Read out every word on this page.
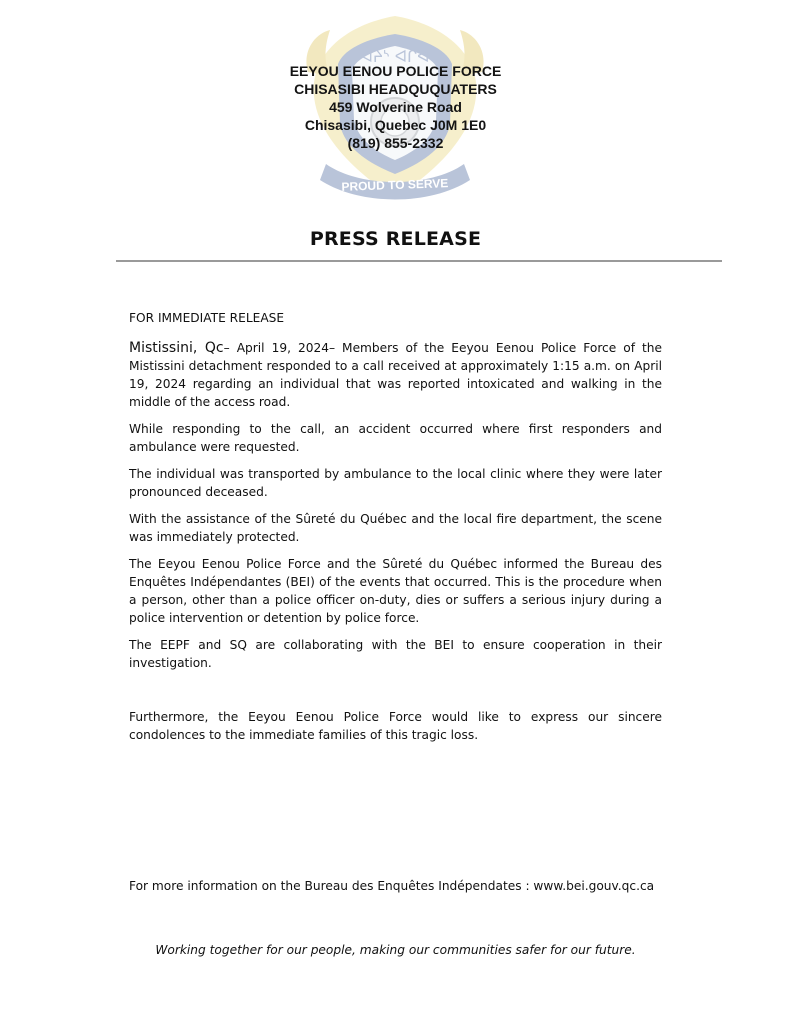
PROUD TO SERVE
ᐋᔨᔅ ᐊᒋᐊ
EEYOU EENOU POLICE FORCE
CHISASIBI HEADQUQUATERS
459 Wolverine Road
Chisasibi, Quebec J0M 1E0
(819) 855-2332
PRESS RELEASE

FOR IMMEDIATE RELEASE

Mistissini, Qc– April 19, 2024– Members of the Eeyou Eenou Police Force of the Mistissini detachment responded to a call received at approximately 1:15 a.m. on April 19, 2024 regarding an individual that was reported intoxicated and walking in the middle of the access road.

While responding to the call, an accident occurred where first responders and ambulance were requested.

The individual was transported by ambulance to the local clinic where they were later pronounced deceased.

With the assistance of the Sûreté du Québec and the local fire department, the scene was immediately protected.

The Eeyou Eenou Police Force and the Sûreté du Québec informed the Bureau des Enquêtes Indépendantes (BEI) of the events that occurred. This is the procedure when a person, other than a police officer on-duty, dies or suffers a serious injury during a police intervention or detention by police force.

The EEPF and SQ are collaborating with the BEI to ensure cooperation in their investigation.

Furthermore, the Eeyou Eenou Police Force would like to express our sincere condolences to the immediate families of this tragic loss.

For more information on the Bureau des Enquêtes Indépendates : www.bei.gouv.qc.ca
Working together for our people, making our communities safer for our future.
